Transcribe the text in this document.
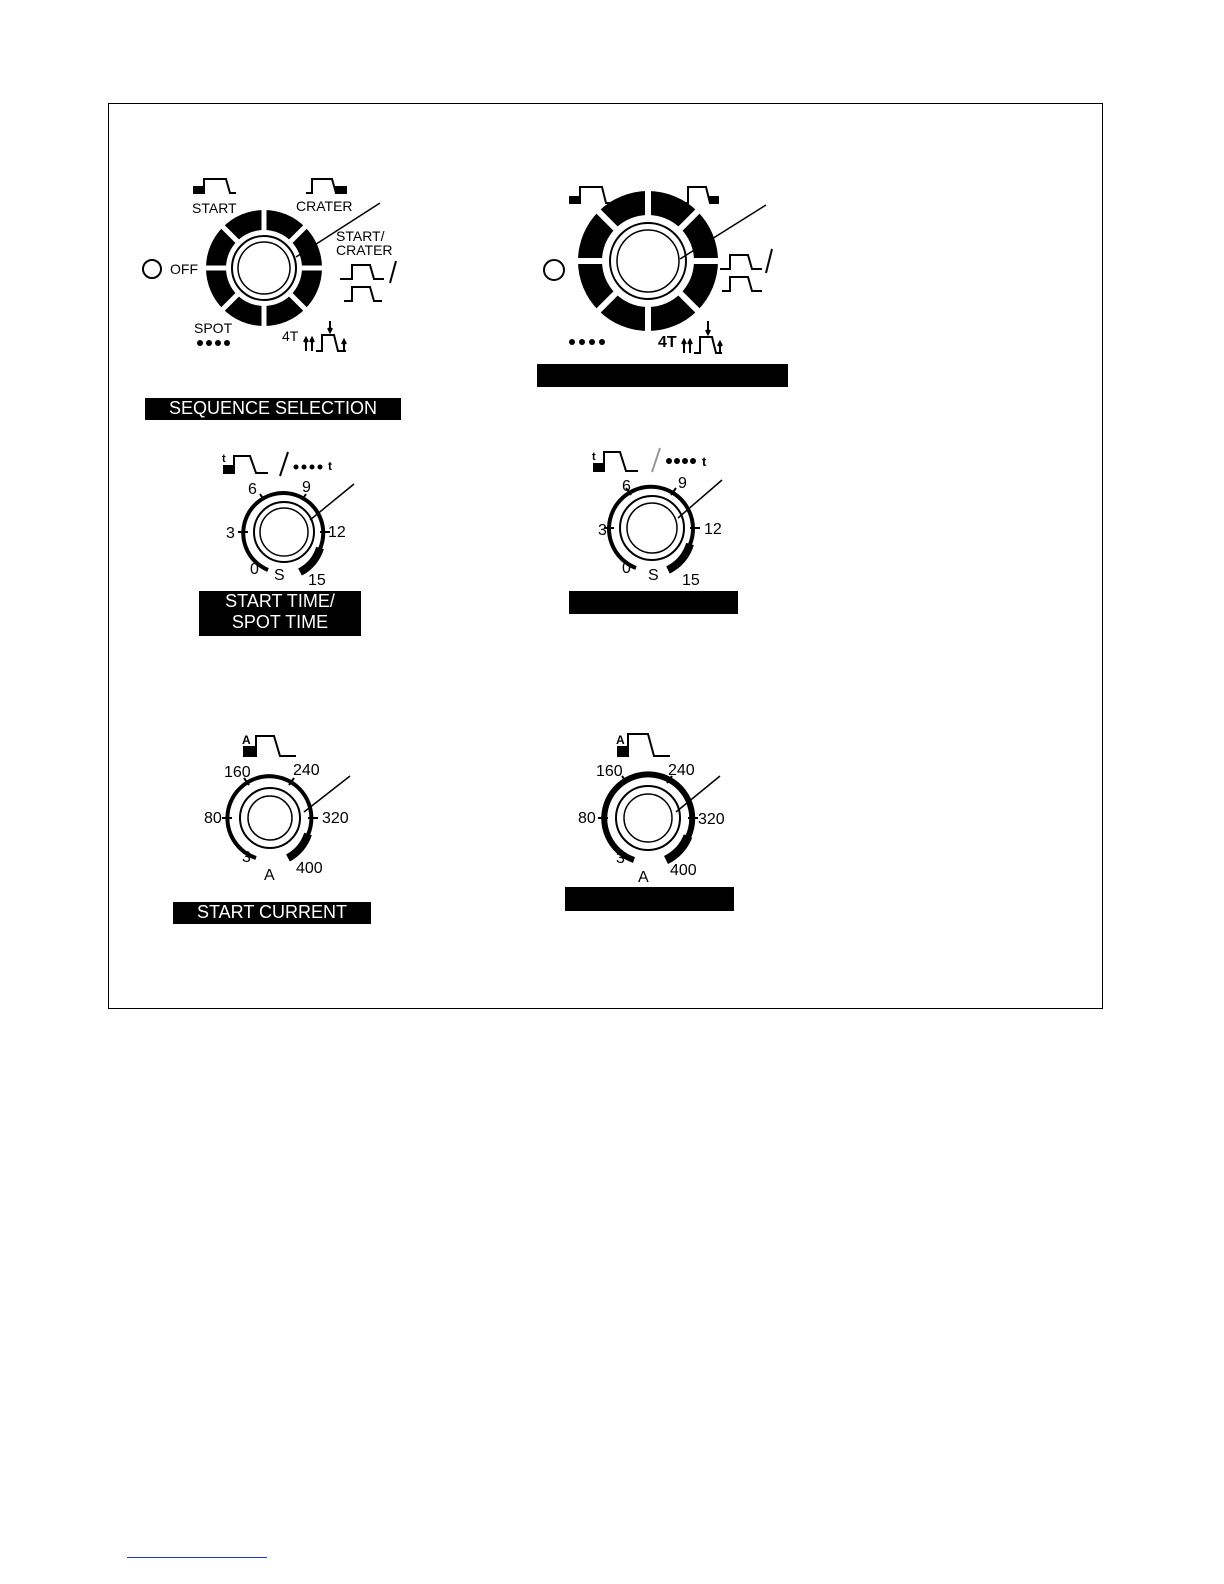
START	CRATER
START/
CRATER
OFF
SPOT	4T
SEQUENCE SELECTION
4T
t	t
3
6	9
12
0
15
S
START TIME/
SPOT TIME
t	t
3
6	9
12
0
15
S
A
80
160	240
320
3
400
A
START CURRENT
A
80
160	240
320
3
400
A
